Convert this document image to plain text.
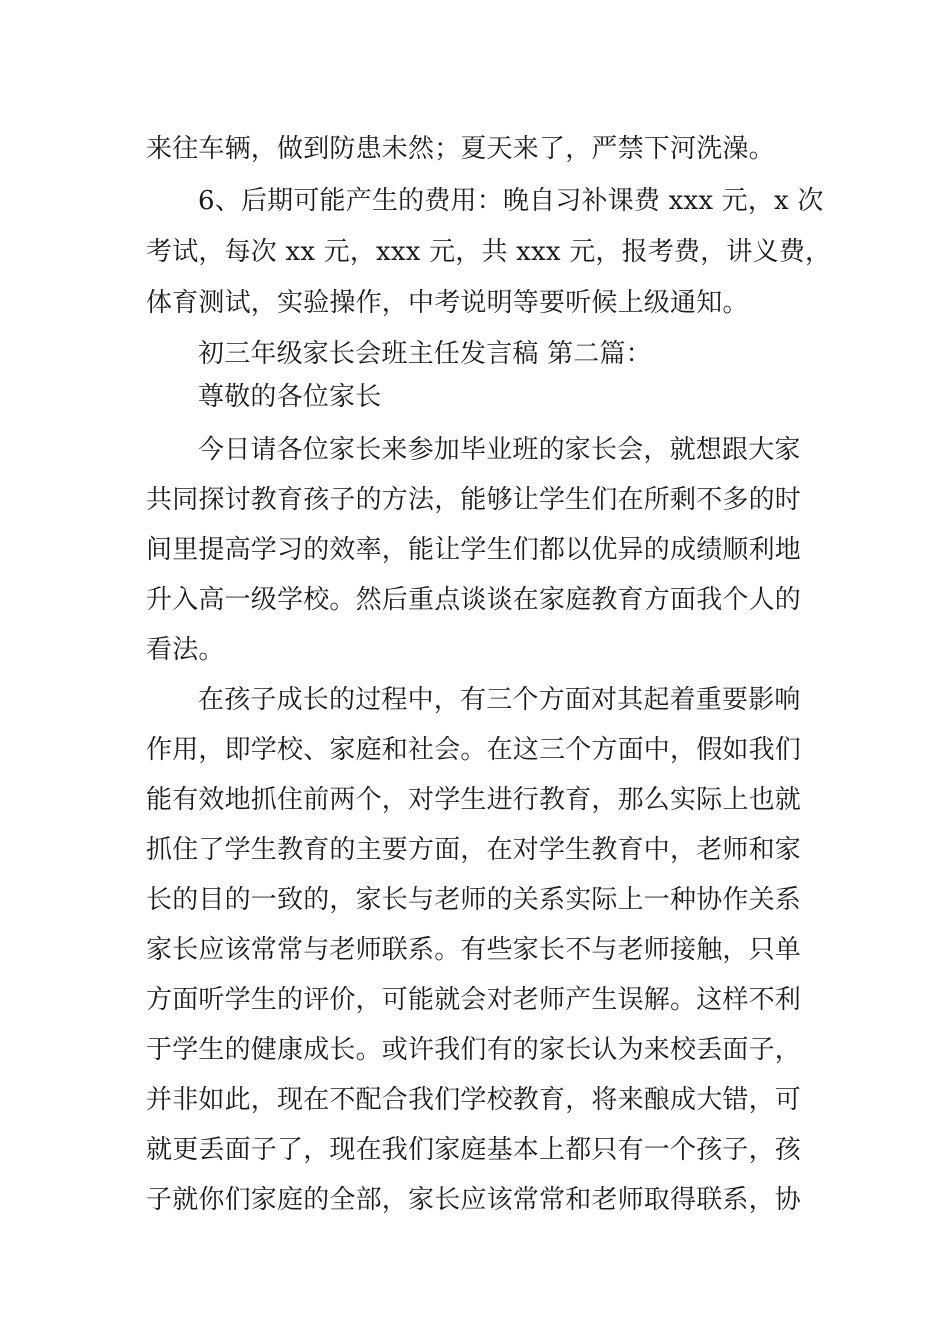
来往车辆，做到防患未然；夏天来了，严禁下河洗澡。
6、后期可能产生的费用：晚自习补课费 xxx 元，x 次
考试，每次 xx 元，xxx 元，共 xxx 元，报考费，讲义费，
体育测试，实验操作，中考说明等要听候上级通知。
初三年级家长会班主任发言稿 第二篇：
尊敬的各位家长
今日请各位家长来参加毕业班的家长会，就想跟大家
共同探讨教育孩子的方法，能够让学生们在所剩不多的时
间里提高学习的效率，能让学生们都以优异的成绩顺利地
升入高一级学校。然后重点谈谈在家庭教育方面我个人的
看法。
在孩子成长的过程中，有三个方面对其起着重要影响
作用，即学校、家庭和社会。在这三个方面中，假如我们
能有效地抓住前两个，对学生进行教育，那么实际上也就
抓住了学生教育的主要方面，在对学生教育中，老师和家
长的目的一致的，家长与老师的关系实际上一种协作关系
家长应该常常与老师联系。有些家长不与老师接触，只单
方面听学生的评价，可能就会对老师产生误解。这样不利
于学生的健康成长。或许我们有的家长认为来校丢面子，
并非如此，现在不配合我们学校教育，将来酿成大错，可
就更丢面子了，现在我们家庭基本上都只有一个孩子，孩
子就你们家庭的全部，家长应该常常和老师取得联系，协
